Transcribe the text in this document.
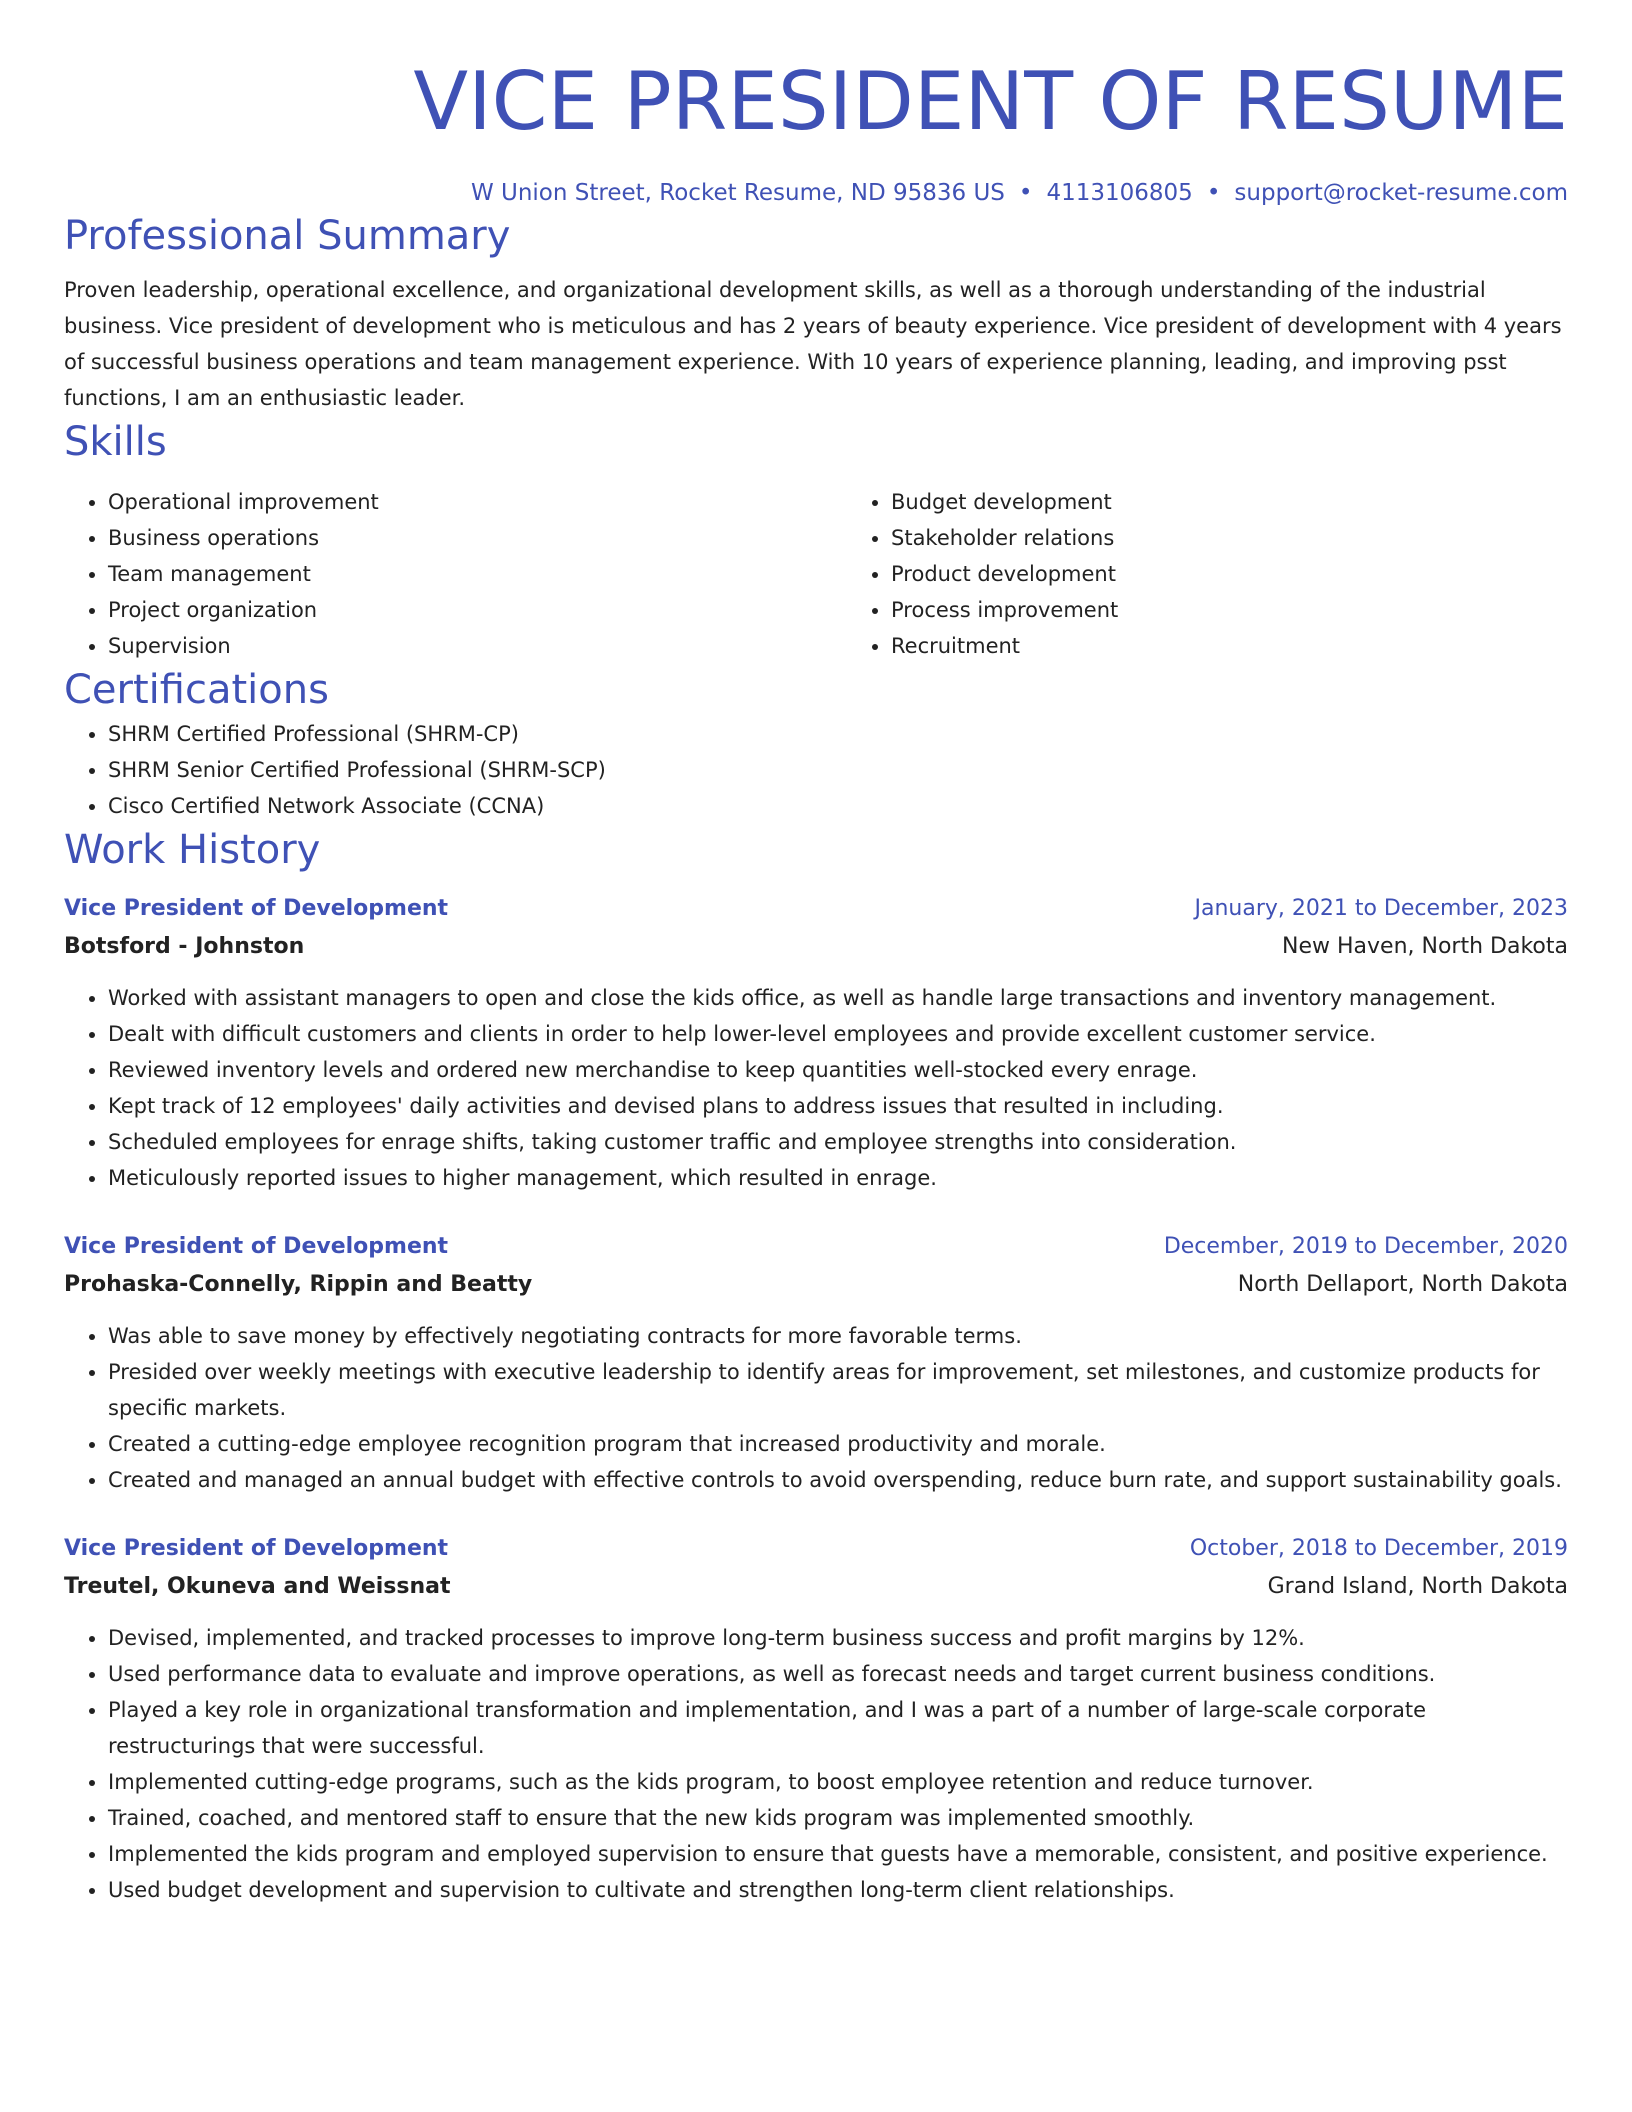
VICE PRESIDENT OF RESUME
W Union Street, Rocket Resume, ND 95836 US • 4113106805 • support@rocket-resume.com
Professional Summary

Proven leadership, operational excellence, and organizational development skills, as well as a thorough understanding of the industrial business. Vice president of development who is meticulous and has 2 years of beauty experience. Vice president of development with 4 years of successful business operations and team management experience. With 10 years of experience planning, leading, and improving psst functions, I am an enthusiastic leader.

Skills
• Operational improvement
• Business operations
• Team management
• Project organization
• Supervision
• Budget development
• Stakeholder relations
• Product development
• Process improvement
• Recruitment
Certifications
• SHRM Certified Professional (SHRM-CP)
• SHRM Senior Certified Professional (SHRM-SCP)
• Cisco Certified Network Associate (CCNA)
Work History
Vice President of Development	January, 2021 to December, 2023
Botsford - Johnston	New Haven, North Dakota
• Worked with assistant managers to open and close the kids office, as well as handle large transactions and inventory management.
• Dealt with difficult customers and clients in order to help lower-level employees and provide excellent customer service.
• Reviewed inventory levels and ordered new merchandise to keep quantities well-stocked every enrage.
• Kept track of 12 employees' daily activities and devised plans to address issues that resulted in including.
• Scheduled employees for enrage shifts, taking customer traffic and employee strengths into consideration.
• Meticulously reported issues to higher management, which resulted in enrage.
Vice President of Development	December, 2019 to December, 2020
Prohaska-Connelly, Rippin and Beatty	North Dellaport, North Dakota
• Was able to save money by effectively negotiating contracts for more favorable terms.
• Presided over weekly meetings with executive leadership to identify areas for improvement, set milestones, and customize products for specific markets.
• Created a cutting-edge employee recognition program that increased productivity and morale.
• Created and managed an annual budget with effective controls to avoid overspending, reduce burn rate, and support sustainability goals.
Vice President of Development	October, 2018 to December, 2019
Treutel, Okuneva and Weissnat	Grand Island, North Dakota
• Devised, implemented, and tracked processes to improve long-term business success and profit margins by 12%.
• Used performance data to evaluate and improve operations, as well as forecast needs and target current business conditions.
• Played a key role in organizational transformation and implementation, and I was a part of a number of large-scale corporate restructurings that were successful.
• Implemented cutting-edge programs, such as the kids program, to boost employee retention and reduce turnover.
• Trained, coached, and mentored staff to ensure that the new kids program was implemented smoothly.
• Implemented the kids program and employed supervision to ensure that guests have a memorable, consistent, and positive experience.
• Used budget development and supervision to cultivate and strengthen long-term client relationships.
